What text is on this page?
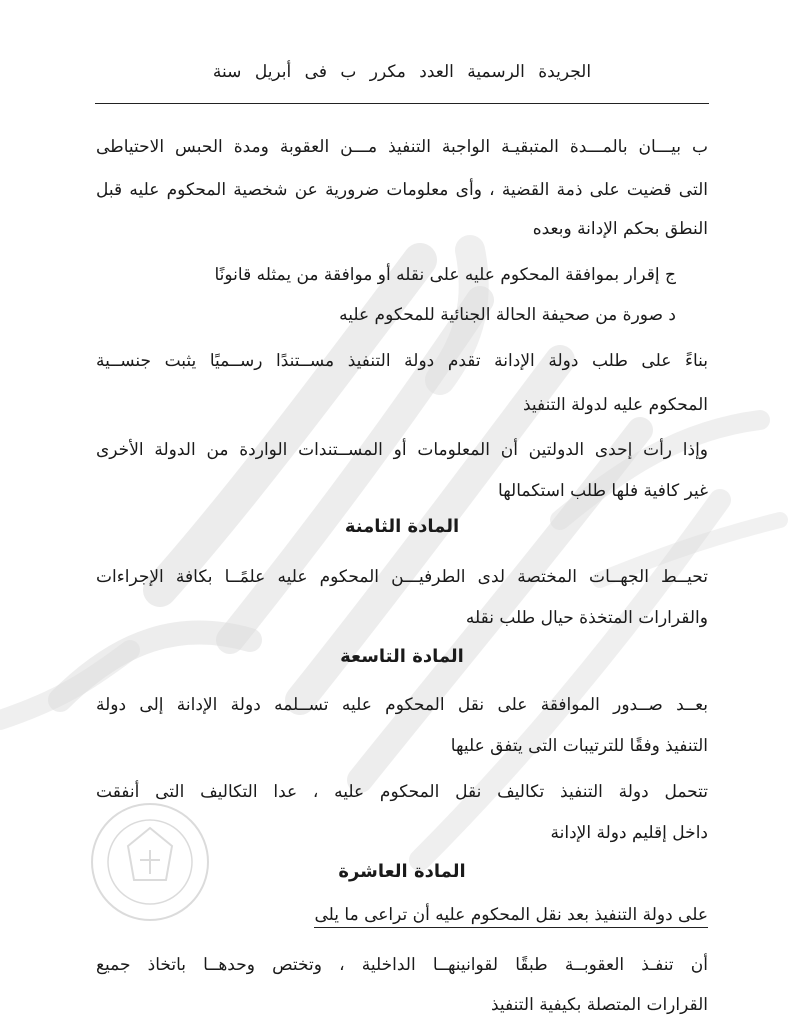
الجريدة الرسمية العدد مكرر ب فى أبريل سنة
ب بيـــان بالمـــدة المتبقيـة الواجبة التنفيذ مـــن العقوبة ومدة الحبس الاحتياطى
التى قضيت على ذمة القضية ، وأى معلومات ضرورية عن شخصية المحكوم عليه قبل
النطق بحكم الإدانة وبعده
ج إقرار بموافقة المحكوم عليه على نقله أو موافقة من يمثله قانونًا
د صورة من صحيفة الحالة الجنائية للمحكوم عليه
بناءً على طلب دولة الإدانة تقدم دولة التنفيذ مســتندًا رســميًا يثبت جنســية
المحكوم عليه لدولة التنفيذ
وإذا رأت إحدى الدولتين أن المعلومات أو المســتندات الواردة من الدولة الأخرى
غير كافية فلها طلب استكمالها
المادة الثامنة
تحيــط الجهــات المختصة لدى الطرفيـــن المحكوم عليه علمًــا بكافة الإجراءات
والقرارات المتخذة حيال طلب نقله
المادة التاسعة
بعــد صــدور الموافقة على نقل المحكوم عليه تســلمه دولة الإدانة إلى دولة
التنفيذ وفقًا للترتيبات التى يتفق عليها
تتحمل دولة التنفيذ تكاليف نقل المحكوم عليه ، عدا التكاليف التى أنفقت
داخل إقليم دولة الإدانة
المادة العاشرة
على دولة التنفيذ بعد نقل المحكوم عليه أن تراعى ما يلى
أن تنفـذ العقوبــة طبقًا لقوانينهــا الداخلية ، وتختص وحدهــا باتخاذ جميع
القرارات المتصلة بكيفية التنفيذ
